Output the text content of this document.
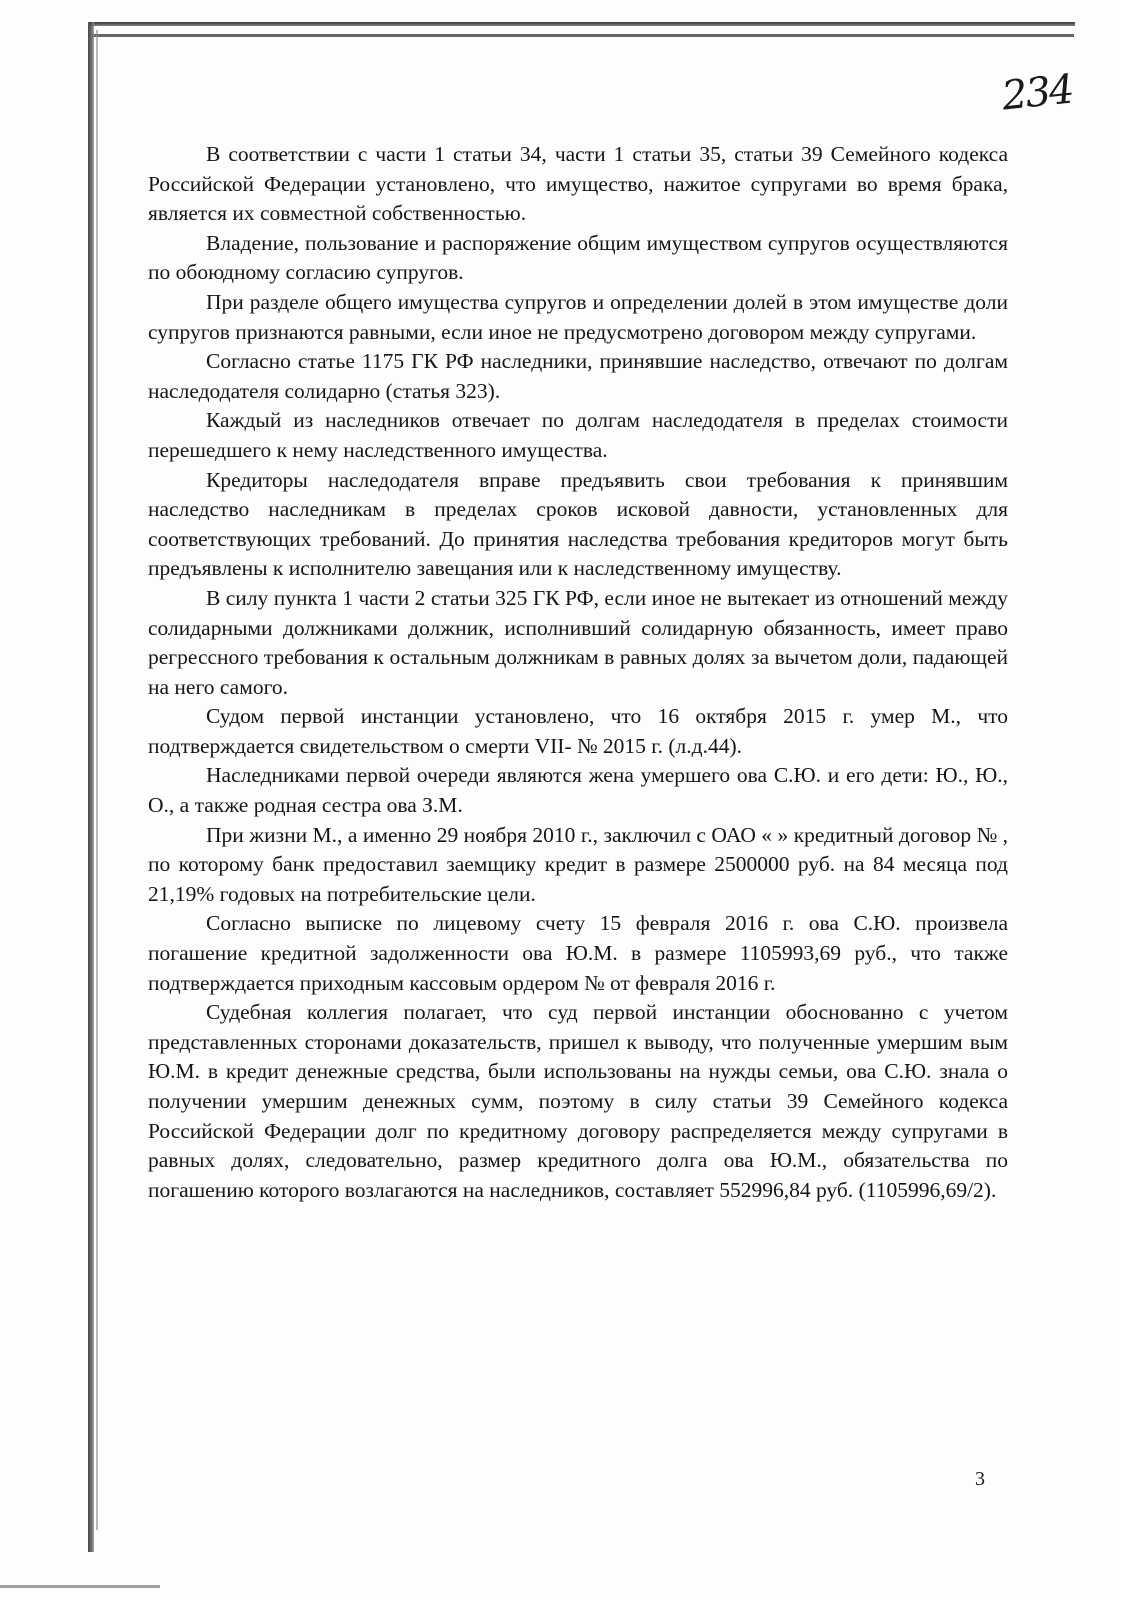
234

В соответствии с части 1 статьи 34, части 1 статьи 35, статьи 39 Семейного кодекса Российской Федерации установлено, что имущество, нажитое супругами во время брака, является их совместной собственностью.

Владение, пользование и распоряжение общим имуществом супругов осуществляются по обоюдному согласию супругов.

При разделе общего имущества супругов и определении долей в этом имуществе доли супругов признаются равными, если иное не предусмотрено договором между супругами.

Согласно статье 1175 ГК РФ наследники, принявшие наследство, отвечают по долгам наследодателя солидарно (статья 323).

Каждый из наследников отвечает по долгам наследодателя в пределах стоимости перешедшего к нему наследственного имущества.

Кредиторы наследодателя вправе предъявить свои требования к принявшим наследство наследникам в пределах сроков исковой давности, установленных для соответствующих требований. До принятия наследства требования кредиторов могут быть предъявлены к исполнителю завещания или к наследственному имуществу.

В силу пункта 1 части 2 статьи 325 ГК РФ, если иное не вытекает из отношений между солидарными должниками должник, исполнивший солидарную обязанность, имеет право регрессного требования к остальным должникам в равных долях за вычетом доли, падающей на него самого.

Судом первой инстанции установлено, что 16 октября 2015 г. умер М., что подтверждается свидетельством о смерти VII- № 2015 г. (л.д.44).

Наследниками первой очереди являются жена умершего ова С.Ю. и его дети: Ю., Ю., О., а также родная сестра ова З.М.

При жизни М., а именно 29 ноября 2010 г., заключил с ОАО « » кредитный договор № , по которому банк предоставил заемщику кредит в размере 2500000 руб. на 84 месяца под 21,19% годовых на потребительские цели.

Согласно выписке по лицевому счету 15 февраля 2016 г. ова С.Ю. произвела погашение кредитной задолженности ова Ю.М. в размере 1105993,69 руб., что также подтверждается приходным кассовым ордером № от февраля 2016 г.

Судебная коллегия полагает, что суд первой инстанции обоснованно с учетом представленных сторонами доказательств, пришел к выводу, что полученные умершим вым Ю.М. в кредит денежные средства, были использованы на нужды семьи, ова С.Ю. знала о получении умершим денежных сумм, поэтому в силу статьи 39 Семейного кодекса Российской Федерации долг по кредитному договору распределяется между супругами в равных долях, следовательно, размер кредитного долга ова Ю.М., обязательства по погашению которого возлагаются на наследников, составляет 552996,84 руб. (1105996,69/2).

3
